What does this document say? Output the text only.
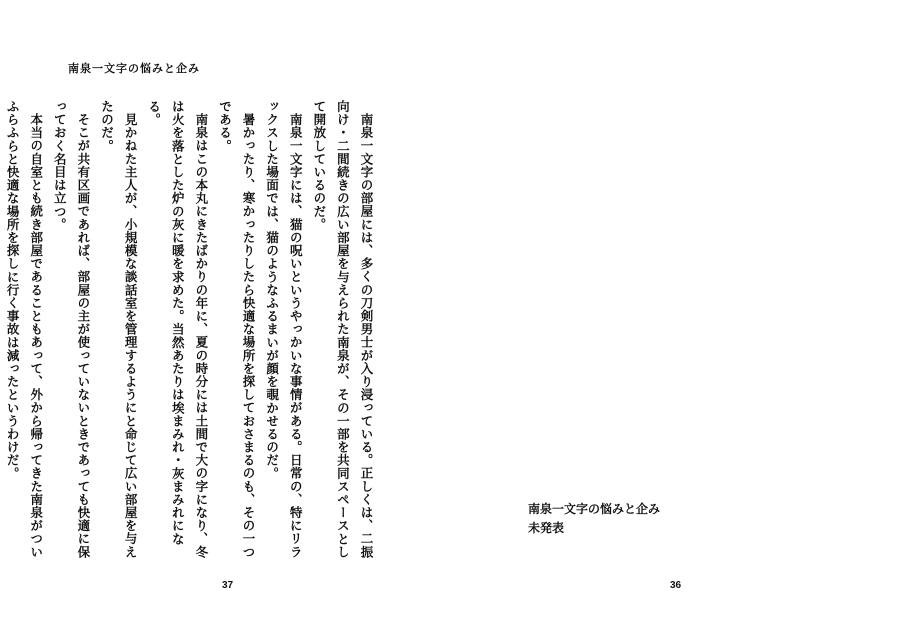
南泉一文字の悩みと企み

南泉一文字の部屋には、多くの刀剣男士が入り浸っている。正しくは、二振向け・二間続きの広い部屋を与えられた南泉が、その一部を共同スペースとして開放しているのだ。

南泉一文字には、猫の呪いというやっかいな事情がある。日常の、特にリラックスした場面では、猫のようなふるまいが顔を覗かせるのだ。

暑かったり、寒かったりしたら快適な場所を探しておさまるのも、その一つである。

南泉はこの本丸にきたばかりの年に、夏の時分には土間で大の字になり、冬は火を落とした炉の灰に暖を求めた。当然あたりは埃まみれ・灰まみれになる。

見かねた主人が、小規模な談話室を管理するようにと命じて広い部屋を与えたのだ。

そこが共有区画であれば、部屋の主が使っていないときであっても快適に保っておく名目は立つ。

本当の自室とも続き部屋であることもあって、外から帰ってきた南泉がついふらふらと快適な場所を探しに行く事故は減ったというわけだ。

37
南泉一文字の悩みと企み
未発表
36
